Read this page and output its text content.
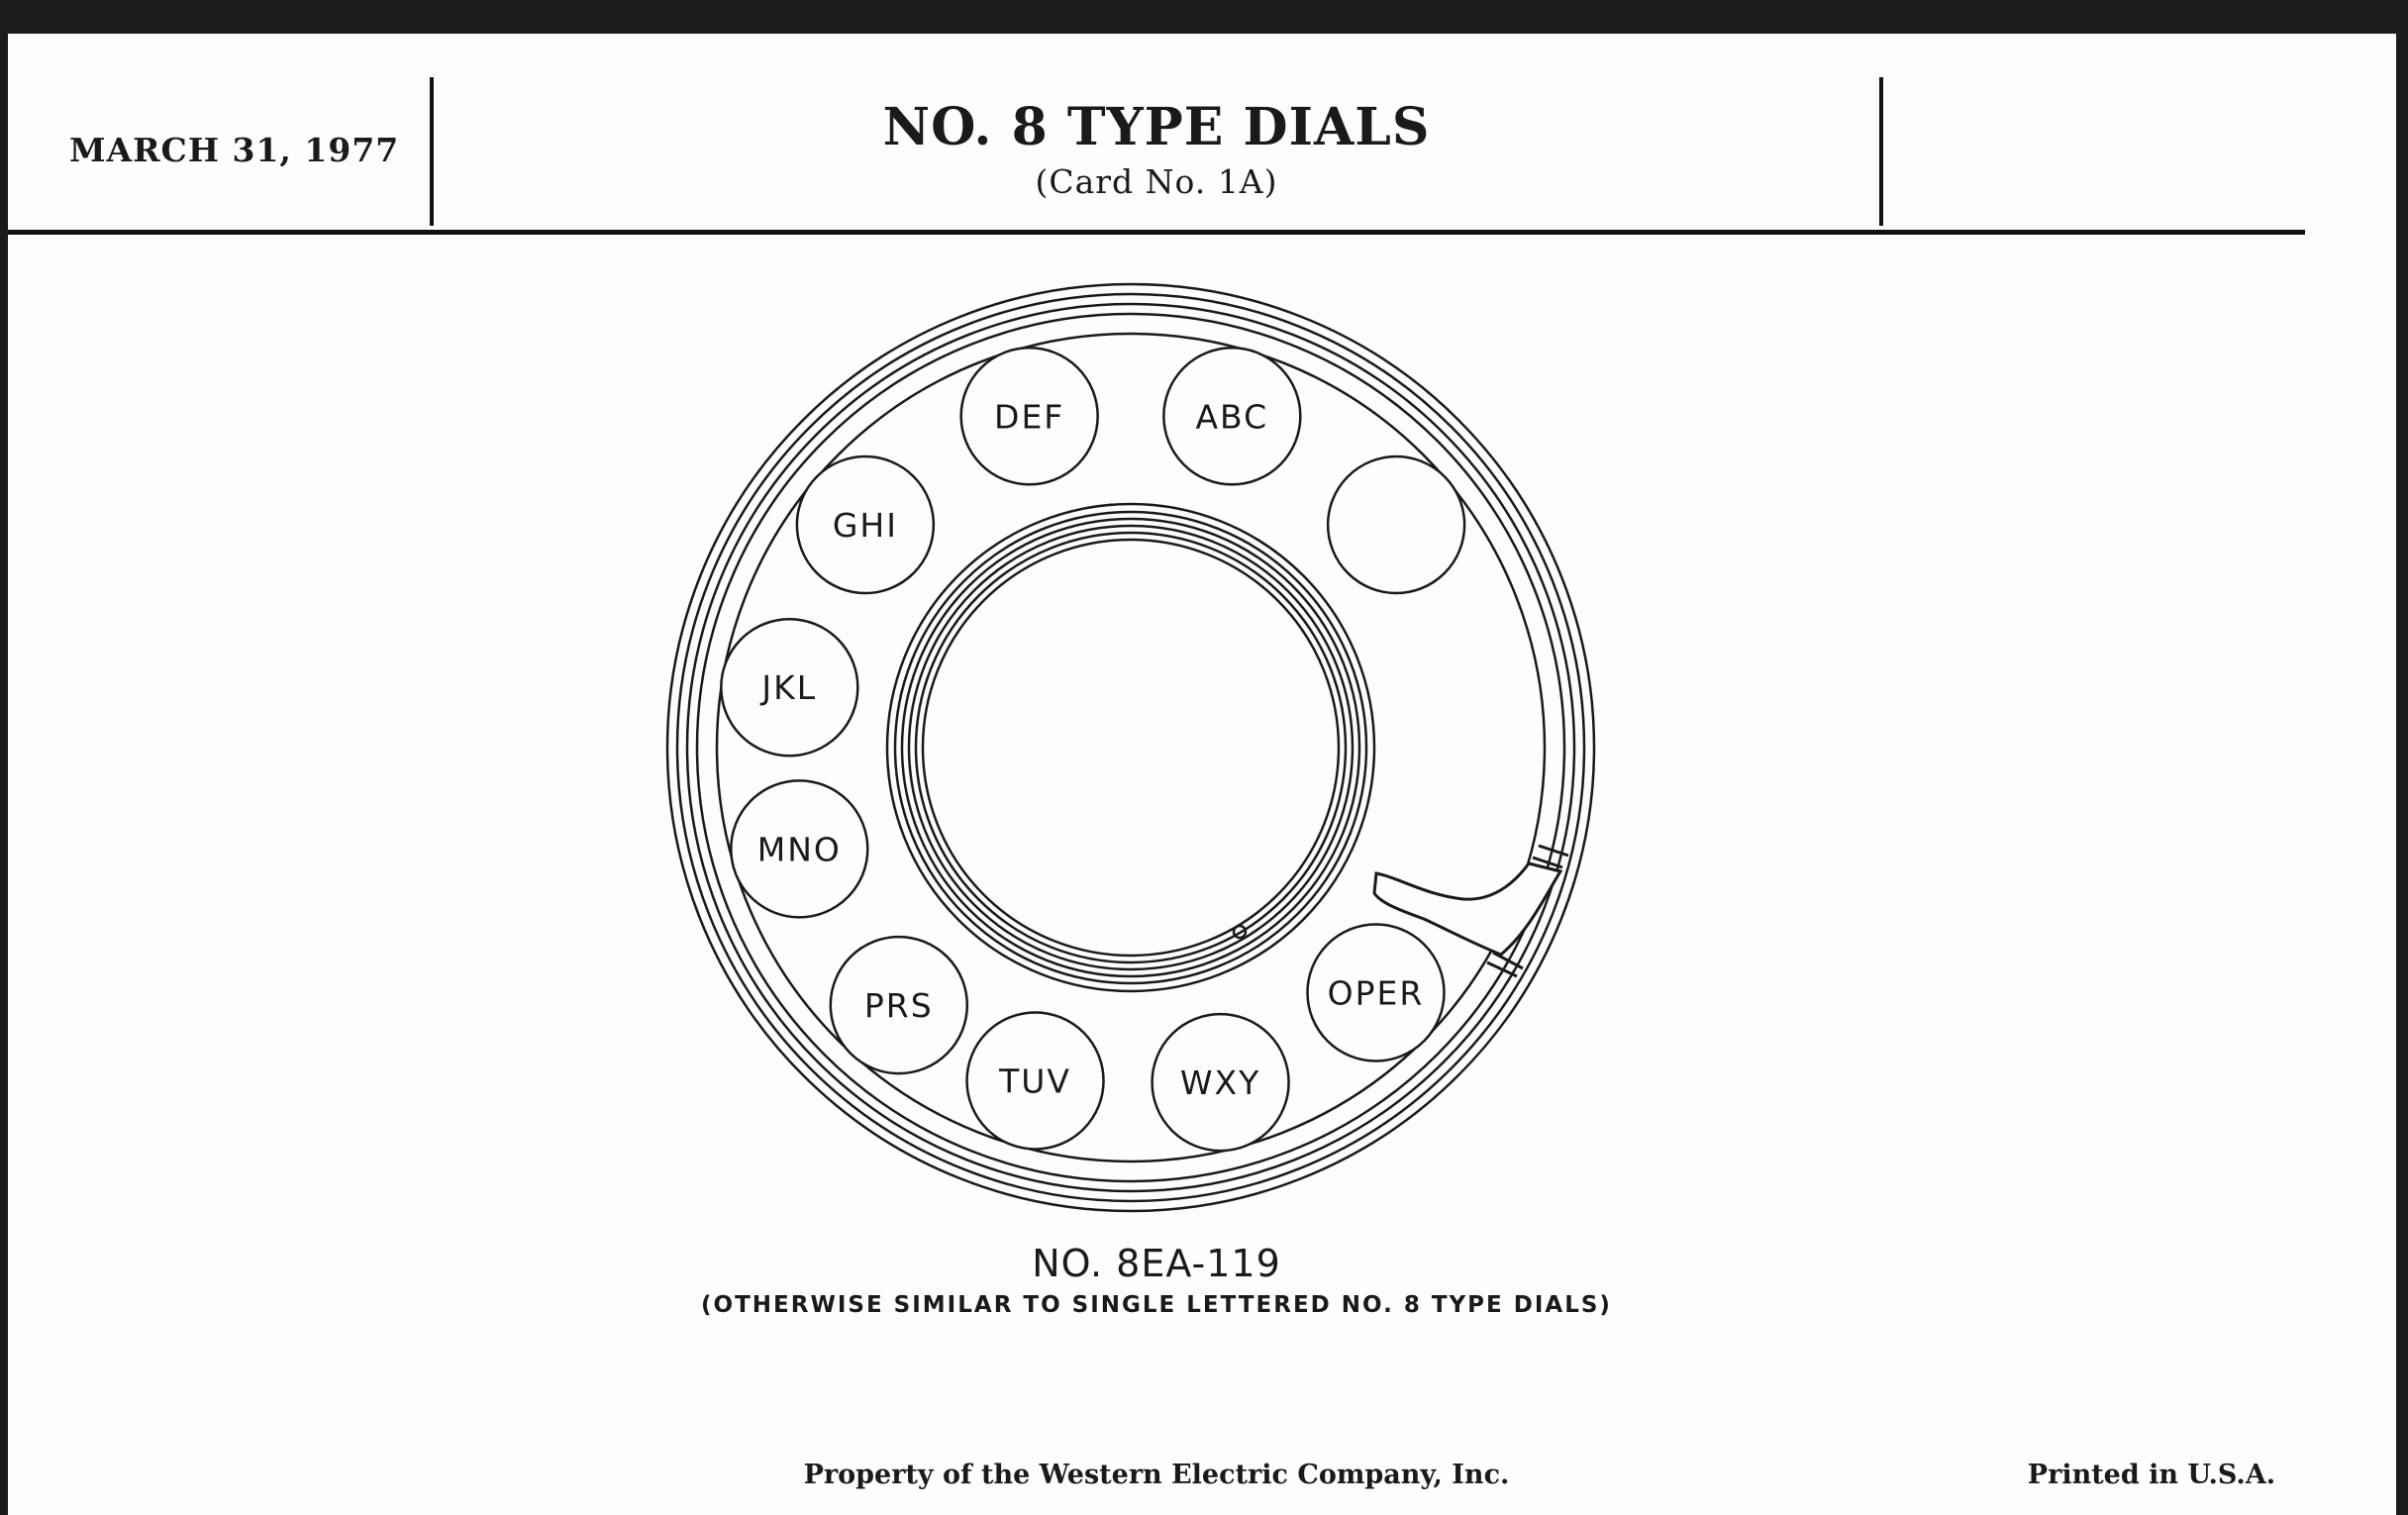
MARCH 31, 1977	NO. 8 TYPE DIALS
(Card No. 1A)
ABC
DEF
GHI
JKL
MNO
PRS
TUV	WXY
OPER
NO. 8EA-119
(OTHERWISE SIMILAR TO SINGLE LETTERED NO. 8 TYPE DIALS)
Property of the Western Electric Company, Inc.	Printed in U.S.A.
